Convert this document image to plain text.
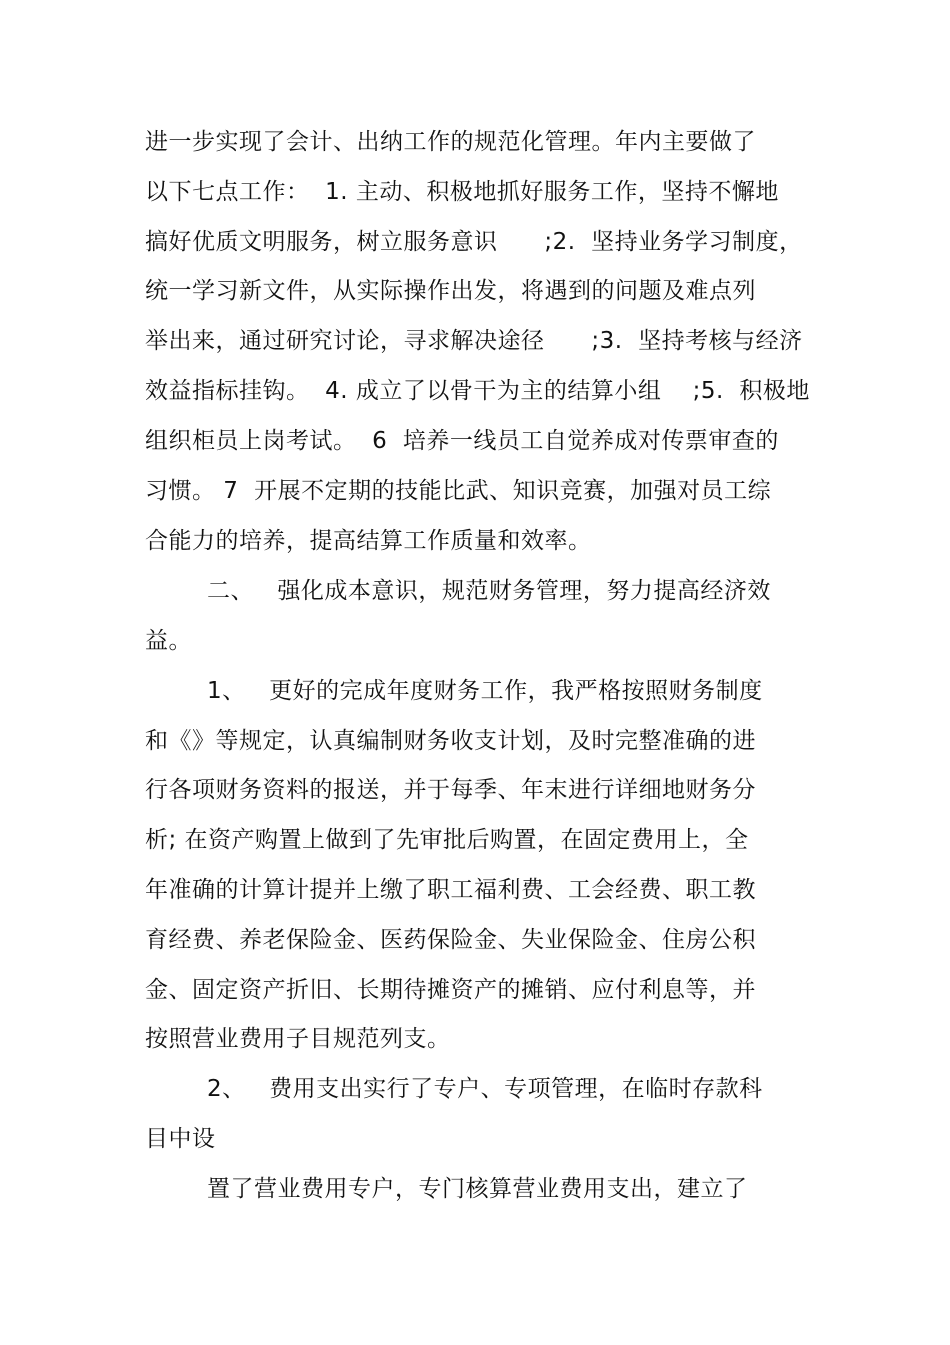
进一步实现了会计、出纳工作的规范化管理。年内主要做了
以下七点工作：  1. 主动、积极地抓好服务工作，坚持不懈地
搞好优质文明服务，树立服务意识      ;2.  坚持业务学习制度，
统一学习新文件，从实际操作出发，将遇到的问题及难点列
举出来，通过研究讨论，寻求解决途径      ;3.  坚持考核与经济
效益指标挂钩。  4. 成立了以骨干为主的结算小组    ;5.  积极地
组织柜员上岗考试。  6  培养一线员工自觉养成对传票审查的
习惯。 7  开展不定期的技能比武、知识竞赛，加强对员工综
合能力的培养，提高结算工作质量和效率。
二、   强化成本意识，规范财务管理，努力提高经济效
益。
1、   更好的完成年度财务工作，我严格按照财务制度
和《》等规定，认真编制财务收支计划，及时完整准确的进
行各项财务资料的报送，并于每季、年末进行详细地财务分
析; 在资产购置上做到了先审批后购置，在固定费用上，全
年准确的计算计提并上缴了职工福利费、工会经费、职工教
育经费、养老保险金、医药保险金、失业保险金、住房公积
金、固定资产折旧、长期待摊资产的摊销、应付利息等，并
按照营业费用子目规范列支。
2、   费用支出实行了专户、专项管理，在临时存款科
目中设
置了营业费用专户，专门核算营业费用支出，建立了
